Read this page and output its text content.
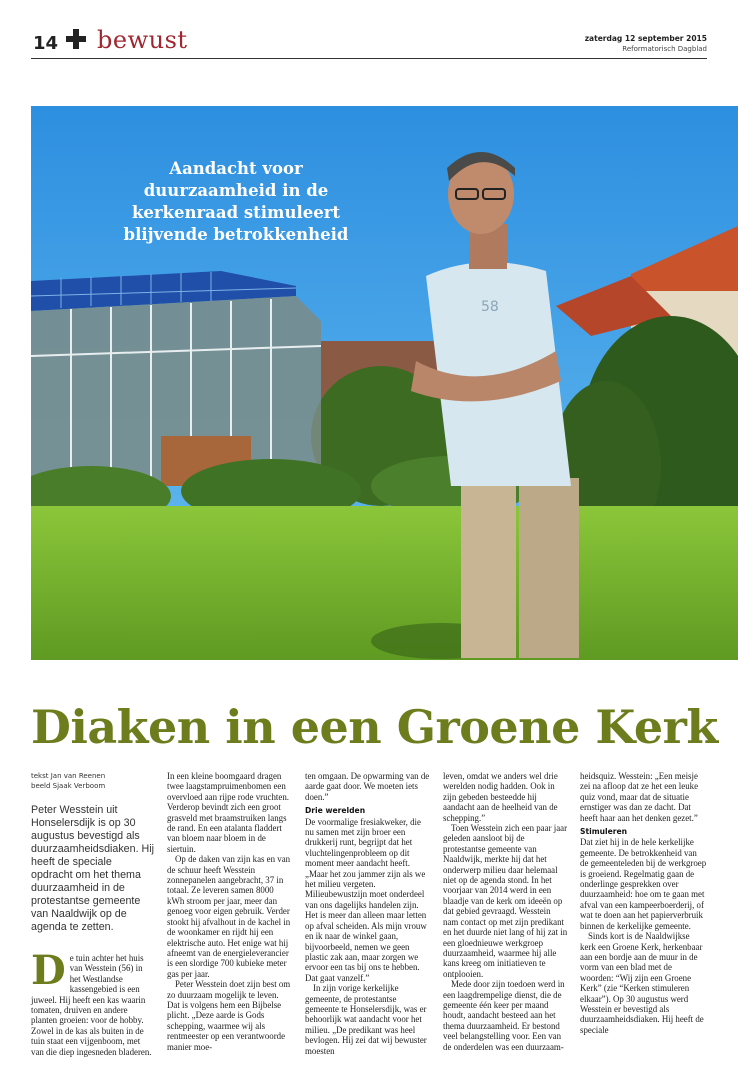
14 bewust	zaterdag 12 september 2015
Reformatorisch Dagblad
58
Aandacht voor duurzaamheid in de kerkenraad stimuleert blijvende betrokkenheid
Diaken in een Groene Kerk
tekst Jan van Reenen
beeld Sjaak Verboom
Peter Wesstein uit Honselersdijk is op 30 augustus bevestigd als duurzaamheidsdiaken. Hij heeft de speciale opdracht om het thema duurzaamheid in de protestantse gemeente van Naaldwijk op de agenda te zetten.
D e tuin achter het huis van Wesstein (56) in het Westlandse kassengebied is een juweel. Hij heeft een kas waarin tomaten, druiven en andere planten groeien: voor de hobby. Zowel in de kas als buiten in de tuin staat een vijgenboom, met van die diep ingesneden bladeren.

In een kleine boomgaard dragen twee laagstampruimenbomen een overvloed aan rijpe rode vruchten. Verderop bevindt zich een groot grasveld met braamstruiken langs de rand. En een atalanta fladdert van bloem naar bloem in de siertuin.

Op de daken van zijn kas en van de schuur heeft Wesstein zonnepanelen aangebracht, 37 in totaal. Ze leveren samen 8000 kWh stroom per jaar, meer dan genoeg voor eigen gebruik. Verder stookt hij afvalhout in de kachel in de woonkamer en rijdt hij een elektrische auto. Het enige wat hij afneemt van de energieleverancier is een slordige 700 kubieke meter gas per jaar.

Peter Wesstein doet zijn best om zo duurzaam mogelijk te leven. Dat is volgens hem een Bijbelse plicht. „Deze aarde is Gods schepping, waarmee wij als rentmeester op een verantwoorde manier moe-

ten omgaan. De opwarming van de aarde gaat door. We moeten iets doen.”

Drie werelden

De voormalige fresiakweker, die nu samen met zijn broer een drukkerij runt, begrijpt dat het vluchtelingenprobleem op dit moment meer aandacht heeft. „Maar het zou jammer zijn als we het milieu vergeten. Milieubewustzijn moet onderdeel van ons dagelijks handelen zijn. Het is meer dan alleen maar letten op afval scheiden. Als mijn vrouw en ik naar de winkel gaan, bijvoorbeeld, nemen we geen plastic zak aan, maar zorgen we ervoor een tas bij ons te hebben. Dat gaat vanzelf.”

In zijn vorige kerkelijke gemeente, de protestantse gemeente te Honselersdijk, was er behoorlijk wat aandacht voor het milieu. „De predikant was heel bevlogen. Hij zei dat wij bewuster moesten

leven, omdat we anders wel drie werelden nodig hadden. Ook in zijn gebeden besteedde hij aandacht aan de heelheid van de schepping.”

Toen Wesstein zich een paar jaar geleden aansloot bij de protestantse gemeente van Naaldwijk, merkte hij dat het onderwerp milieu daar helemaal niet op de agenda stond. In het voorjaar van 2014 werd in een blaadje van de kerk om ideeën op dat gebied gevraagd. Wesstein nam contact op met zijn predikant en het duurde niet lang of hij zat in een gloednieuwe werkgroep duurzaamheid, waarmee hij alle kans kreeg om initiatieven te ontplooien.

Mede door zijn toedoen werd in een laagdrempelige dienst, die de gemeente één keer per maand houdt, aandacht besteed aan het thema duurzaamheid. Er bestond veel belangstelling voor. Een van de onderdelen was een duurzaam-

heidsquiz. Wesstein: „Een meisje zei na afloop dat ze het een leuke quiz vond, maar dat de situatie ernstiger was dan ze dacht. Dat heeft haar aan het denken gezet.”

Stimuleren

Dat ziet hij in de hele kerkelijke gemeente. De betrokkenheid van de gemeenteleden bij de werkgroep is groeiend. Regelmatig gaan de onderlinge gesprekken over duurzaamheid: hoe om te gaan met afval van een kampeerboerderij, of wat te doen aan het papierverbruik binnen de kerkelijke gemeente.

Sinds kort is de Naaldwijkse kerk een Groene Kerk, herkenbaar aan een bordje aan de muur in de vorm van een blad met de woorden: “Wij zijn een Groene Kerk” (zie “Kerken stimuleren elkaar”). Op 30 augustus werd Wesstein er bevestigd als duurzaamheidsdiaken. Hij heeft de speciale
